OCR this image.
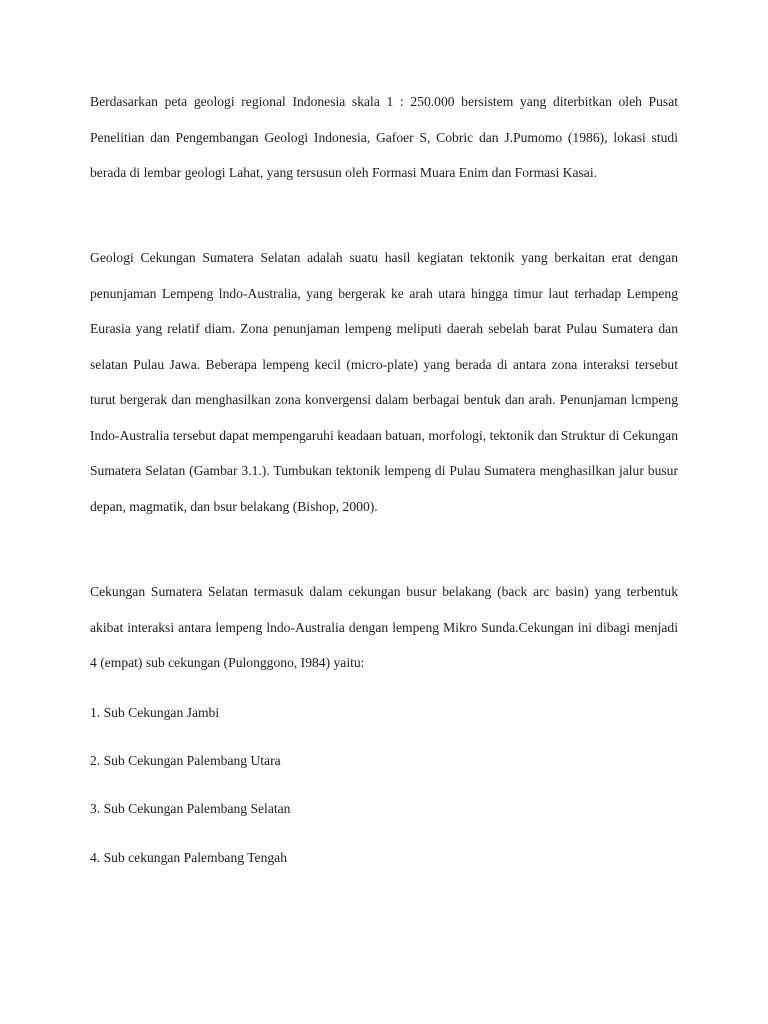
Berdasarkan peta geologi regional Indonesia skala 1 : 250.000 bersistem yang diterbitkan oleh Pusat Penelitian dan Pengembangan Geologi Indonesia, Gafoer S, Cobric dan J.Pumomo (1986), lokasi studi berada di lembar geologi Lahat, yang tersusun oleh Formasi Muara Enim dan Formasi Kasai.

Geologi Cekungan Sumatera Selatan adalah suatu hasil kegiatan tektonik yang berkaitan erat dengan penunjaman Lempeng lndo-Australia, yang bergerak ke arah utara hingga timur laut terhadap Lempeng Eurasia yang relatif diam. Zona penunjaman lempeng meliputi daerah sebelah barat Pulau Sumatera dan selatan Pulau Jawa. Beberapa lempeng kecil (micro-plate) yang berada di antara zona interaksi tersebut turut bergerak dan menghasilkan zona konvergensi dalam berbagai bentuk dan arah. Penunjaman lcmpeng Indo-Australia tersebut dapat mempengaruhi keadaan batuan, morfologi, tektonik dan Struktur di Cekungan Sumatera Selatan (Gambar 3.1.). Tumbukan tektonik lempeng di Pulau Sumatera menghasilkan jalur busur depan, magmatik, dan bsur belakang (Bishop, 2000).

Cekungan Sumatera Selatan termasuk dalam cekungan busur belakang (back arc basin) yang terbentuk akibat interaksi antara lempeng lndo-Australia dengan lempeng Mikro Sunda.Cekungan ini dibagi menjadi 4 (empat) sub cekungan (Pulonggono, I984) yaitu:

1. Sub Cekungan Jambi

2. Sub Cekungan Palembang Utara

3. Sub Cekungan Palembang Selatan

4. Sub cekungan Palembang Tengah
